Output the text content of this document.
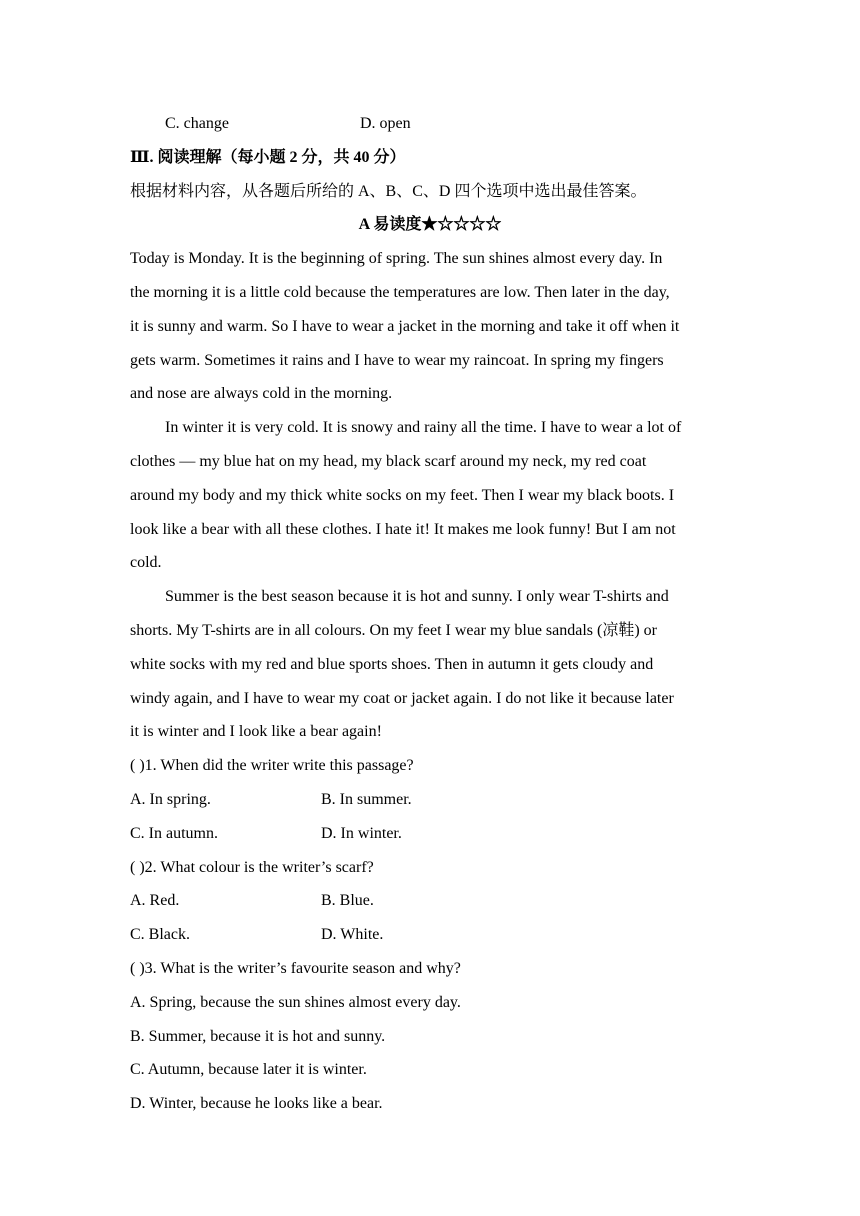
C. change	D. open
Ⅲ. 阅读理解（每小题 2 分，共 40 分）
根据材料内容，从各题后所给的 A、B、C、D 四个选项中选出最佳答案。
A 易读度★☆☆☆☆
Today is Monday. It is the beginning of spring. The sun shines almost every day. In
the morning it is a little cold because the temperatures are low. Then later in the day,
it is sunny and warm. So I have to wear a jacket in the morning and take it off when it
gets warm. Sometimes it rains and I have to wear my raincoat. In spring my fingers
and nose are always cold in the morning.
In winter it is very cold. It is snowy and rainy all the time. I have to wear a lot of
clothes — my blue hat on my head, my black scarf around my neck, my red coat
around my body and my thick white socks on my feet. Then I wear my black boots. I
look like a bear with all these clothes. I hate it! It makes me look funny! But I am not
cold.
Summer is the best season because it is hot and sunny. I only wear T-shirts and
shorts. My T-shirts are in all colours. On my feet I wear my blue sandals (凉鞋) or
white socks with my red and blue sports shoes. Then in autumn it gets cloudy and
windy again, and I have to wear my coat or jacket again. I do not like it because later
it is winter and I look like a bear again!
( )1. When did the writer write this passage?
A. In spring.	B. In summer.
C. In autumn.	D. In winter.
( )2. What colour is the writer’s scarf?
A. Red.	B. Blue.
C. Black.	D. White.
( )3. What is the writer’s favourite season and why?
A. Spring, because the sun shines almost every day.
B. Summer, because it is hot and sunny.
C. Autumn, because later it is winter.
D. Winter, because he looks like a bear.
